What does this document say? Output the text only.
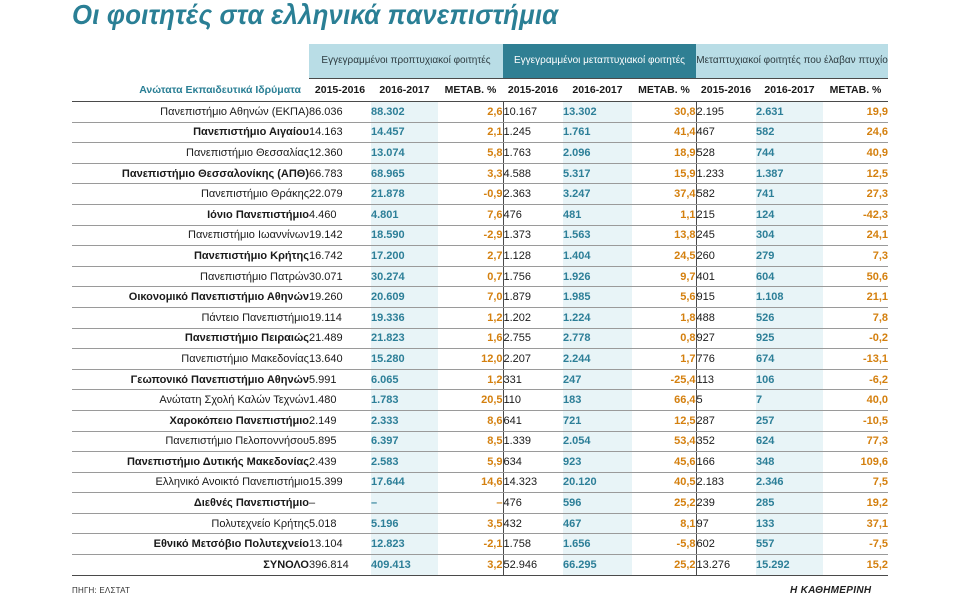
Οι φοιτητές στα ελληνικά πανεπιστήμια
	Εγγεγραμμένοι προπτυχιακοί φοιτητές			Εγγεγραμμένοι μεταπτυχιακοί φοιτητές			Μεταπτυχιακοί φοιτητές που έλαβαν πτυχίο		
Ανώτατα Εκπαιδευτικά Ιδρύματα	2015-2016	2016-2017	ΜΕΤΑΒ. %	2015-2016	2016-2017	ΜΕΤΑΒ. %	2015-2016	2016-2017	ΜΕΤΑΒ. %
Πανεπιστήμιο Αθηνών (ΕΚΠΑ)	86.036	88.302	2,6	10.167	13.302	30,8	2.195	2.631	19,9
Πανεπιστήμιο Αιγαίου	14.163	14.457	2,1	1.245	1.761	41,4	467	582	24,6
Πανεπιστήμιο Θεσσαλίας	12.360	13.074	5,8	1.763	2.096	18,9	528	744	40,9
Πανεπιστήμιο Θεσσαλονίκης (ΑΠΘ)	66.783	68.965	3,3	4.588	5.317	15,9	1.233	1.387	12,5
Πανεπιστήμιο Θράκης	22.079	21.878	-0,9	2.363	3.247	37,4	582	741	27,3
Ιόνιο Πανεπιστήμιο	4.460	4.801	7,6	476	481	1,1	215	124	-42,3
Πανεπιστήμιο Ιωαννίνων	19.142	18.590	-2,9	1.373	1.563	13,8	245	304	24,1
Πανεπιστήμιο Κρήτης	16.742	17.200	2,7	1.128	1.404	24,5	260	279	7,3
Πανεπιστήμιο Πατρών	30.071	30.274	0,7	1.756	1.926	9,7	401	604	50,6
Οικονομικό Πανεπιστήμιο Αθηνών	19.260	20.609	7,0	1.879	1.985	5,6	915	1.108	21,1
Πάντειο Πανεπιστήμιο	19.114	19.336	1,2	1.202	1.224	1,8	488	526	7,8
Πανεπιστήμιο Πειραιώς	21.489	21.823	1,6	2.755	2.778	0,8	927	925	-0,2
Πανεπιστήμιο Μακεδονίας	13.640	15.280	12,0	2.207	2.244	1,7	776	674	-13,1
Γεωπονικό Πανεπιστήμιο Αθηνών	5.991	6.065	1,2	331	247	-25,4	113	106	-6,2
Ανώτατη Σχολή Καλών Τεχνών	1.480	1.783	20,5	110	183	66,4	5	7	40,0
Χαροκόπειο Πανεπιστήμιο	2.149	2.333	8,6	641	721	12,5	287	257	-10,5
Πανεπιστήμιο Πελοποννήσου	5.895	6.397	8,5	1.339	2.054	53,4	352	624	77,3
Πανεπιστήμιο Δυτικής Μακεδονίας	2.439	2.583	5,9	634	923	45,6	166	348	109,6
Ελληνικό Ανοικτό Πανεπιστήμιο	15.399	17.644	14,6	14.323	20.120	40,5	2.183	2.346	7,5
Διεθνές Πανεπιστήμιο	–	–	–	476	596	25,2	239	285	19,2
Πολυτεχνείο Κρήτης	5.018	5.196	3,5	432	467	8,1	97	133	37,1
Εθνικό Μετσόβιο Πολυτεχνείο	13.104	12.823	-2,1	1.758	1.656	-5,8	602	557	-7,5
ΣΥΝΟΛΟ	396.814	409.413	3,2	52.946	66.295	25,2	13.276	15.292	15,2
ΠΗΓΗ: ΕΛΣΤΑΤ	Η ΚΑΘΗΜΕΡΙΝΗ
